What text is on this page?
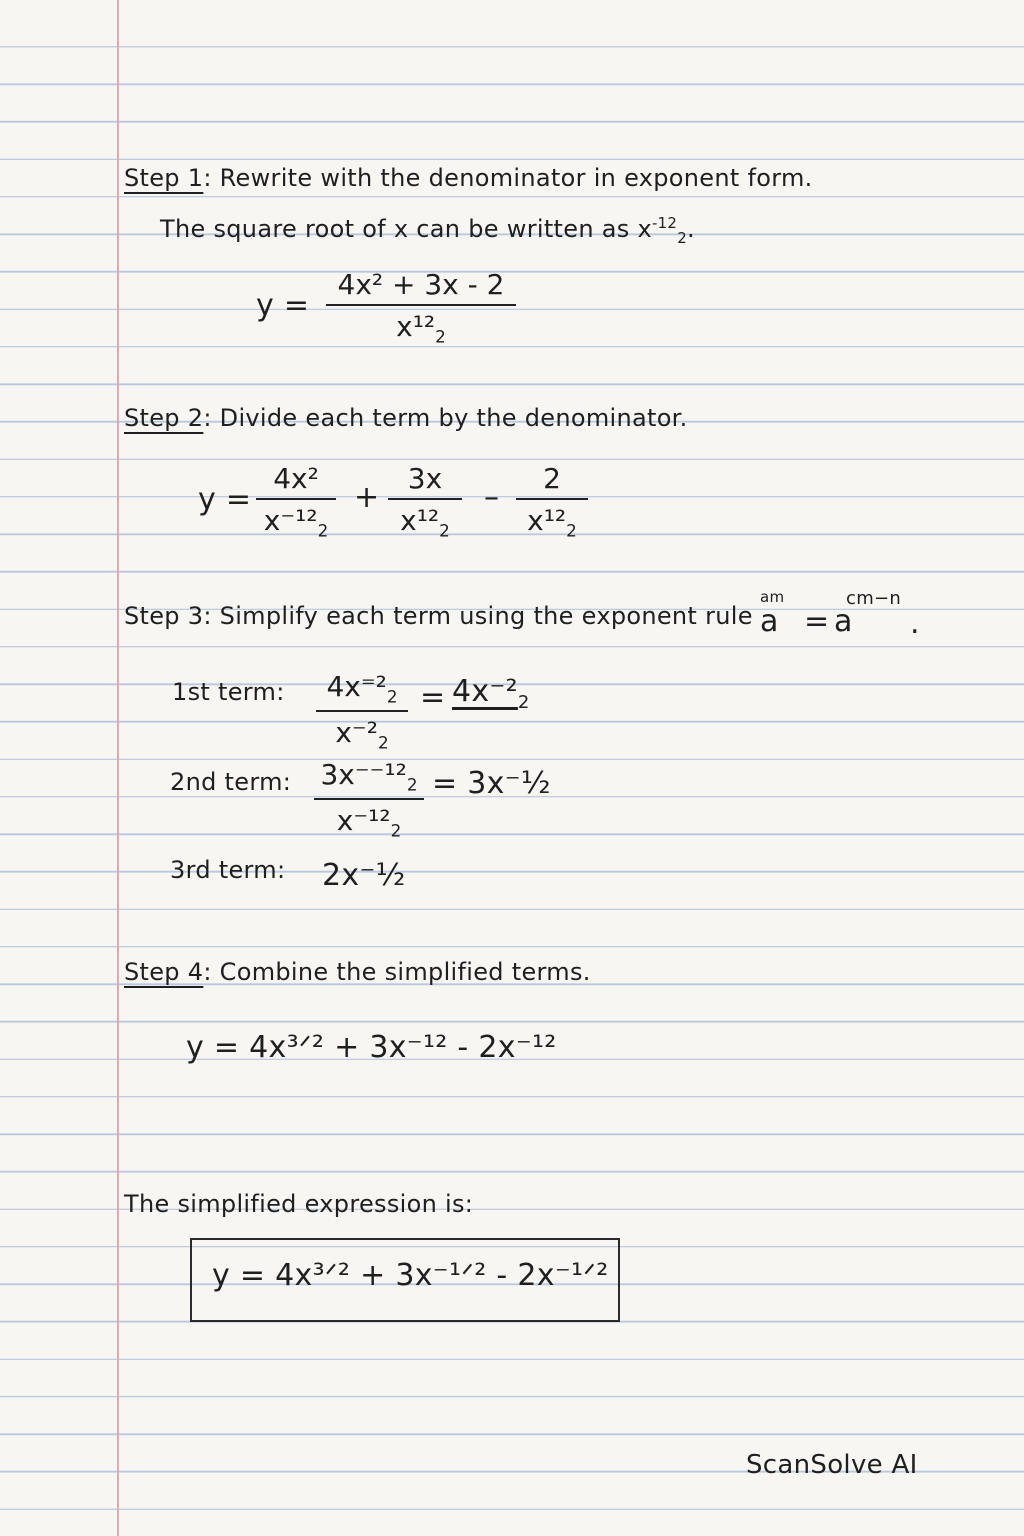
Step 1: Rewrite with the denominator in exponent form.
The square root of x can be written as $x^{-12}_2$.
y =
4x² + 3x - 2
$x^{12}_2$
Step 2: Divide each term by the denominator.
y =
4x²
$x^{-12}_2$
+
3x
$x^{12}_2$
–
2
$x^{12}_2$
Step 3: Simplify each term using the exponent rule
am
a = a
cm−n
.
1st term:	$4x^{=2}_2$
$x^{-2}_2$
= $4x^{-2}_2$
2nd term: $3x^{--12}_2$
$x^{-12}_2$
= 3x⁻¹⁄₂
3rd term: 2x⁻¹⁄₂
Step 4: Combine the simplified terms.
y = 4x³ᐟ² + 3x⁻¹² - 2x⁻¹²
The simplified expression is:
y = 4x³ᐟ² + 3x⁻¹ᐟ² - 2x⁻¹ᐟ²
ScanSolve AI
